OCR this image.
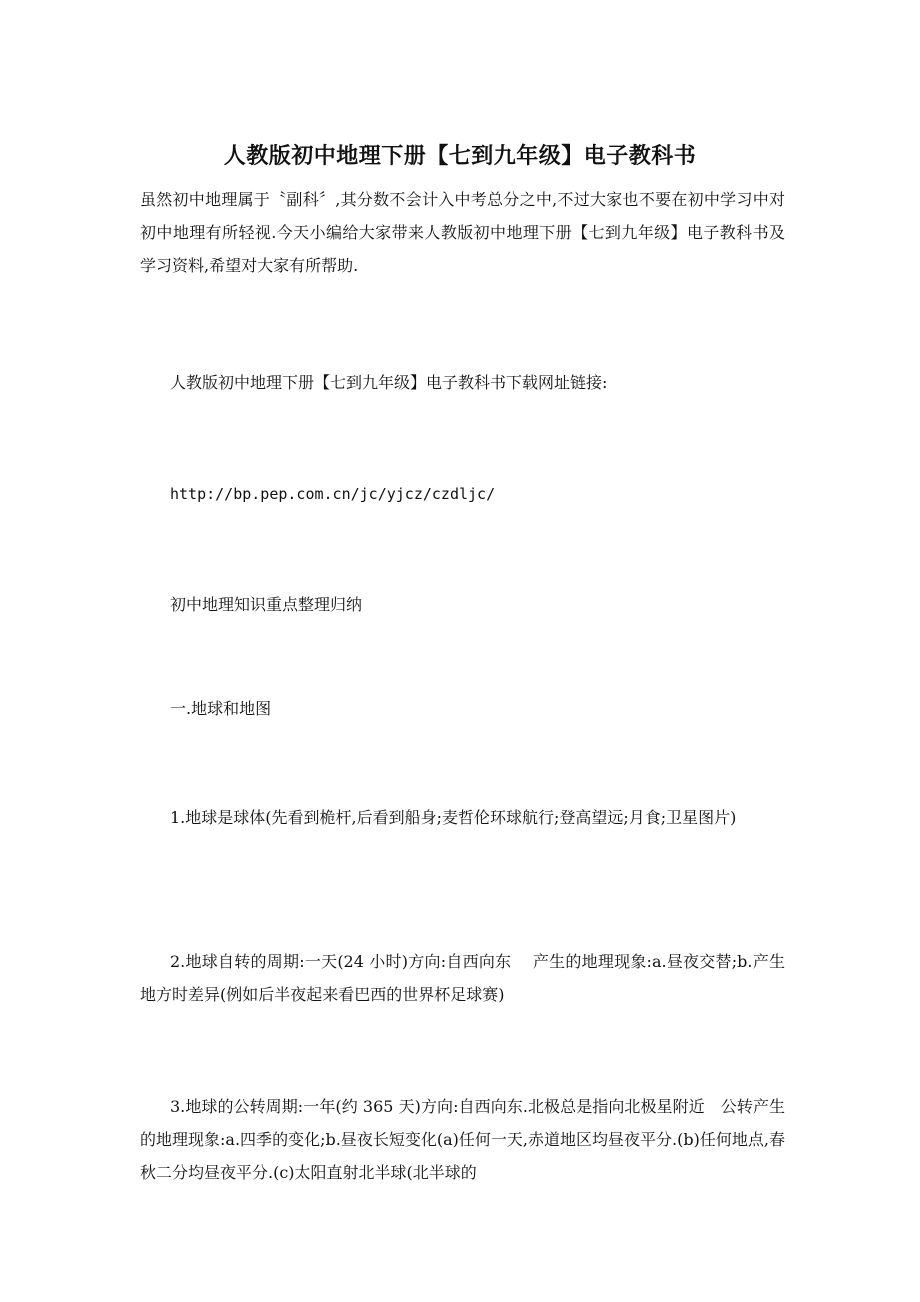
人教版初中地理下册【七到九年级】电子教科书

虽然初中地理属于〝副科〞,其分数不会计入中考总分之中,不过大家也不要在初中学习中对初中地理有所轻视.今天小编给大家带来人教版初中地理下册【七到九年级】电子教科书及学习资料,希望对大家有所帮助.

人教版初中地理下册【七到九年级】电子教科书下载网址链接:

http://bp.pep.com.cn/jc/yjcz/czdljc/

初中地理知识重点整理归纳

一.地球和地图

1.地球是球体(先看到桅杆,后看到船身;麦哲伦环球航行;登高望远;月食;卫星图片)

2.地球自转的周期:一天(24 小时)方向:自西向东　 产生的地理现象:a.昼夜交替;b.产生地方时差异(例如后半夜起来看巴西的世界杯足球赛)

3.地球的公转周期:一年(约 365 天)方向:自西向东.北极总是指向北极星附近　公转产生的地理现象:a.四季的变化;b.昼夜长短变化(a)任何一天,赤道地区均昼夜平分.(b)任何地点,春秋二分均昼夜平分.(c)太阳直射北半球(北半球的
